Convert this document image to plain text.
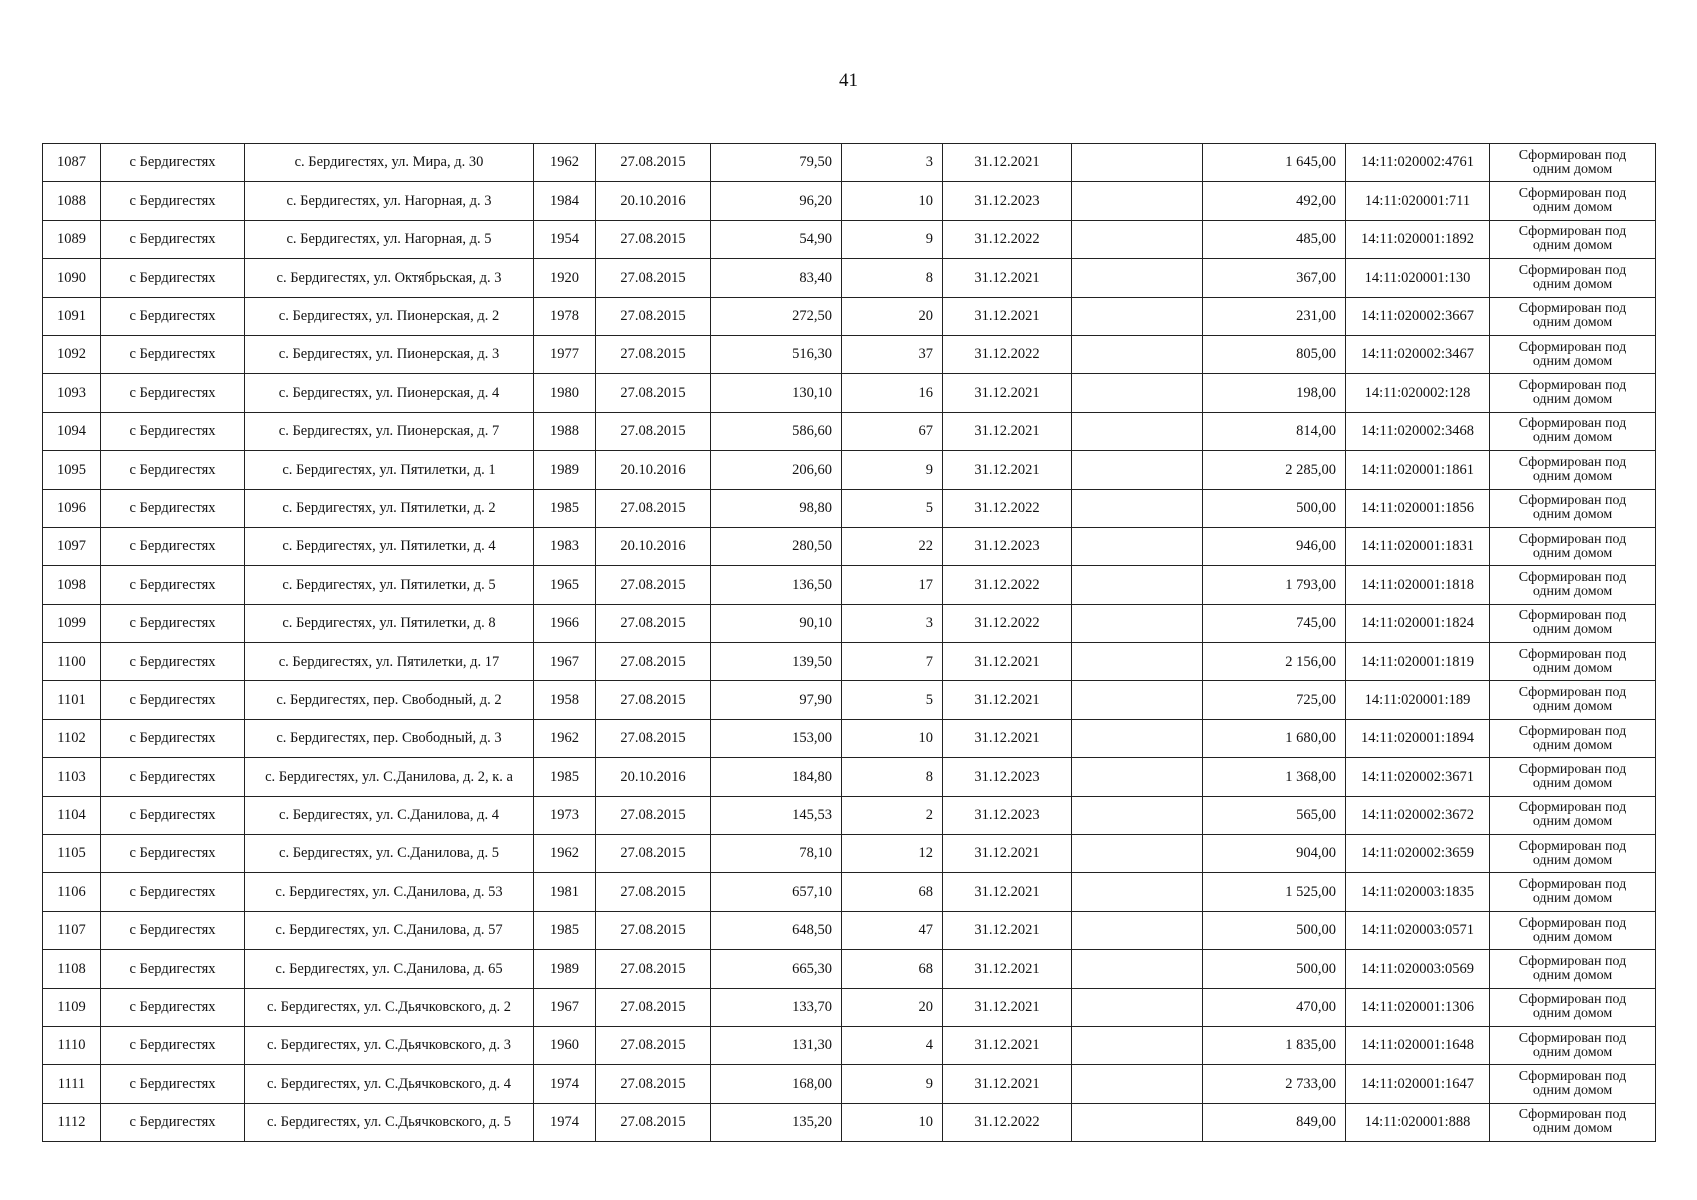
41
1087	с Бердигестях	с. Бердигестях, ул. Мира, д. 30	1962	27.08.2015	79,50	3	31.12.2021		1 645,00	14:11:020002:4761	Сформирован под
одним домом

1088	с Бердигестях	с. Бердигестях, ул. Нагорная, д. 3	1984	20.10.2016	96,20	10	31.12.2023		492,00	14:11:020001:711	Сформирован под
одним домом

1089	с Бердигестях	с. Бердигестях, ул. Нагорная, д. 5	1954	27.08.2015	54,90	9	31.12.2022		485,00	14:11:020001:1892	Сформирован под
одним домом

1090	с Бердигестях	с. Бердигестях, ул. Октябрьская, д. 3	1920	27.08.2015	83,40	8	31.12.2021		367,00	14:11:020001:130	Сформирован под
одним домом

1091	с Бердигестях	с. Бердигестях, ул. Пионерская, д. 2	1978	27.08.2015	272,50	20	31.12.2021		231,00	14:11:020002:3667	Сформирован под
одним домом

1092	с Бердигестях	с. Бердигестях, ул. Пионерская, д. 3	1977	27.08.2015	516,30	37	31.12.2022		805,00	14:11:020002:3467	Сформирован под
одним домом

1093	с Бердигестях	с. Бердигестях, ул. Пионерская, д. 4	1980	27.08.2015	130,10	16	31.12.2021		198,00	14:11:020002:128	Сформирован под
одним домом

1094	с Бердигестях	с. Бердигестях, ул. Пионерская, д. 7	1988	27.08.2015	586,60	67	31.12.2021		814,00	14:11:020002:3468	Сформирован под
одним домом

1095	с Бердигестях	с. Бердигестях, ул. Пятилетки, д. 1	1989	20.10.2016	206,60	9	31.12.2021		2 285,00	14:11:020001:1861	Сформирован под
одним домом

1096	с Бердигестях	с. Бердигестях, ул. Пятилетки, д. 2	1985	27.08.2015	98,80	5	31.12.2022		500,00	14:11:020001:1856	Сформирован под
одним домом

1097	с Бердигестях	с. Бердигестях, ул. Пятилетки, д. 4	1983	20.10.2016	280,50	22	31.12.2023		946,00	14:11:020001:1831	Сформирован под
одним домом

1098	с Бердигестях	с. Бердигестях, ул. Пятилетки, д. 5	1965	27.08.2015	136,50	17	31.12.2022		1 793,00	14:11:020001:1818	Сформирован под
одним домом

1099	с Бердигестях	с. Бердигестях, ул. Пятилетки, д. 8	1966	27.08.2015	90,10	3	31.12.2022		745,00	14:11:020001:1824	Сформирован под
одним домом

1100	с Бердигестях	с. Бердигестях, ул. Пятилетки, д. 17	1967	27.08.2015	139,50	7	31.12.2021		2 156,00	14:11:020001:1819	Сформирован под
одним домом

1101	с Бердигестях	с. Бердигестях, пер. Свободный, д. 2	1958	27.08.2015	97,90	5	31.12.2021		725,00	14:11:020001:189	Сформирован под
одним домом

1102	с Бердигестях	с. Бердигестях, пер. Свободный, д. 3	1962	27.08.2015	153,00	10	31.12.2021		1 680,00	14:11:020001:1894	Сформирован под
одним домом

1103	с Бердигестях	с. Бердигестях, ул. С.Данилова, д. 2, к. а	1985	20.10.2016	184,80	8	31.12.2023		1 368,00	14:11:020002:3671	Сформирован под
одним домом

1104	с Бердигестях	с. Бердигестях, ул. С.Данилова, д. 4	1973	27.08.2015	145,53	2	31.12.2023		565,00	14:11:020002:3672	Сформирован под
одним домом

1105	с Бердигестях	с. Бердигестях, ул. С.Данилова, д. 5	1962	27.08.2015	78,10	12	31.12.2021		904,00	14:11:020002:3659	Сформирован под
одним домом

1106	с Бердигестях	с. Бердигестях, ул. С.Данилова, д. 53	1981	27.08.2015	657,10	68	31.12.2021		1 525,00	14:11:020003:1835	Сформирован под
одним домом

1107	с Бердигестях	с. Бердигестях, ул. С.Данилова, д. 57	1985	27.08.2015	648,50	47	31.12.2021		500,00	14:11:020003:0571	Сформирован под
одним домом

1108	с Бердигестях	с. Бердигестях, ул. С.Данилова, д. 65	1989	27.08.2015	665,30	68	31.12.2021		500,00	14:11:020003:0569	Сформирован под
одним домом

1109	с Бердигестях	с. Бердигестях, ул. С.Дьячковского, д. 2	1967	27.08.2015	133,70	20	31.12.2021		470,00	14:11:020001:1306	Сформирован под
одним домом

1110	с Бердигестях	с. Бердигестях, ул. С.Дьячковского, д. 3	1960	27.08.2015	131,30	4	31.12.2021		1 835,00	14:11:020001:1648	Сформирован под
одним домом

1111	с Бердигестях	с. Бердигестях, ул. С.Дьячковского, д. 4	1974	27.08.2015	168,00	9	31.12.2021		2 733,00	14:11:020001:1647	Сформирован под
одним домом

1112	с Бердигестях	с. Бердигестях, ул. С.Дьячковского, д. 5	1974	27.08.2015	135,20	10	31.12.2022		849,00	14:11:020001:888	Сформирован под
одним домом
